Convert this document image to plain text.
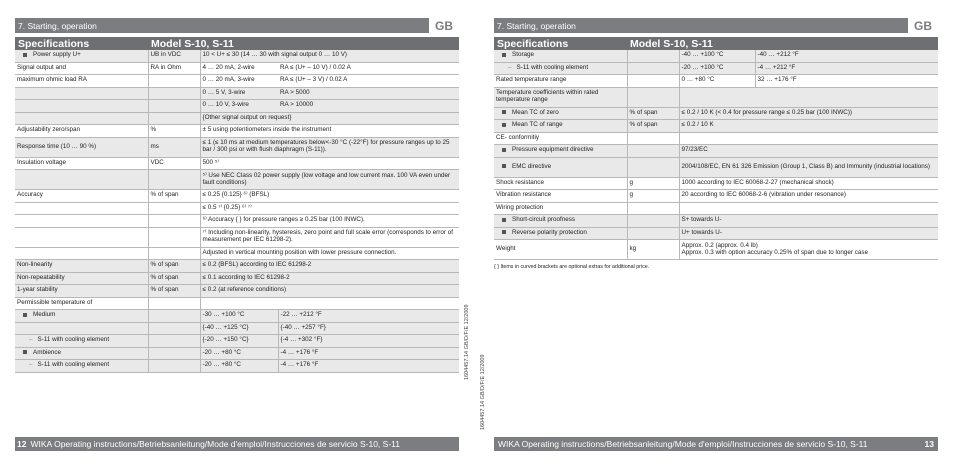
7. Starting, operation	GB
Specifications	Model S-10, S-11
Power supply U+	UB in VDC	10 < U+ ≤ 30 (14 … 30 with signal output 0 … 10 V)	
Signal output and	RA in Ohm	4 … 20 mA, 2-wire	RA ≤ (U+ – 10 V) / 0.02 A
maximum ohmic load RA		0 … 20 mA, 3-wire	RA ≤ (U+ – 3 V) / 0.02 A
		0 … 5 V, 3-wire	RA > 5000
		0 … 10 V, 3-wire	RA > 10000
		{Other signal output on request}	
Adjustability zero/span	%	± 5 using potentiometers inside the instrument	
Response time (10 … 90 %)	ms	≤ 1 (≤ 10 ms at medium temperatures below<-30 °C (-22°F) for pressure ranges up to 25 bar / 300 psi or with flush diaphragm (S-11)).	
Insulation voltage	VDC	500 ⁵⁾	
		⁵⁾ Use NEC Class 02 power supply (low voltage and low current max. 100 VA even under fault conditions)	
Accuracy	% of span	≤ 0.25 {0.125} ⁶⁾ (BFSL)	
		≤ 0.5 ⁷⁾ {0.25} ⁶⁾ ⁷⁾	
		⁶⁾ Accuracy { } for pressure ranges ≥ 0.25 bar (100 INWC).	
		⁷⁾ Including non-linearity, hysteresis, zero point and full scale error (corresponds to error of measurement per IEC 61298-2).	
		Adjusted in vertical mounting position with lower pressure connection.	
Non-linearity	% of span	≤ 0.2 (BFSL) according to IEC 61298-2	
Non-repeatability	% of span	≤ 0.1 according to IEC 61298-2	
1-year stability	% of span	≤ 0.2 (at reference conditions)	
Permissible temperature of			
Medium		-30 … +100 °C	-22 … +212 °F
		{-40 … +125 °C}	{-40 … +257 °F}
– S-11 with cooling element		{-20 … +150 °C}	{-4 … +302 °F}
Ambience		-20 … +80 °C	-4 … +176 °F
– S-11 with cooling element		-20 … +80 °C	-4 … +176 °F
7. Starting, operation	GB
Specifications	Model S-10, S-11
Storage		-40 … +100 °C	-40 … +212 °F
– S-11 with cooling element		-20 … +100 °C	-4 … +212 °F
Rated temperature range		0 … +80 °C	32 … +176 °F
Temperature coefficients within rated temperature range			
Mean TC of zero	% of span	≤ 0.2 / 10 K (< 0.4 for pressure range ≤ 0.25 bar (100 INWC))	
Mean TC of range	% of span	≤ 0.2 / 10 K	
CE- conformitiy			
Pressure equipment directive		97/23/EC	
EMC directive		2004/108/EC, EN 61 326 Emission (Group 1, Class B) and Immunity (industrial locations)	
Shock resistance	g	1000 according to IEC 60068-2-27 (mechanical shock)	
Vibration resistance	g	20 according to IEC 60068-2-6 (vibration under resonance)	
Wiring protection			
Short-circuit proofness		S+ towards U-	
Reverse polarity protection		U+ towards U-	
Weight	kg	Approx. 0.2 (approx. 0.4 lb)
Approx. 0.3 with option accuracy 0.25% of span due to longer case	
{ } Items in curved brackets are optional extras for additional price.
12 WIKA Operating instructions/Betriebsanleitung/Mode d'emploi/Instrucciones de servicio S-10, S-11	WIKA Operating instructions/Betriebsanleitung/Mode d'emploi/Instrucciones de servicio S-10, S-11	13
1604457.14 GB/D/F/E 12/2009
1604457.14 GB/D/F/E 12/2009
